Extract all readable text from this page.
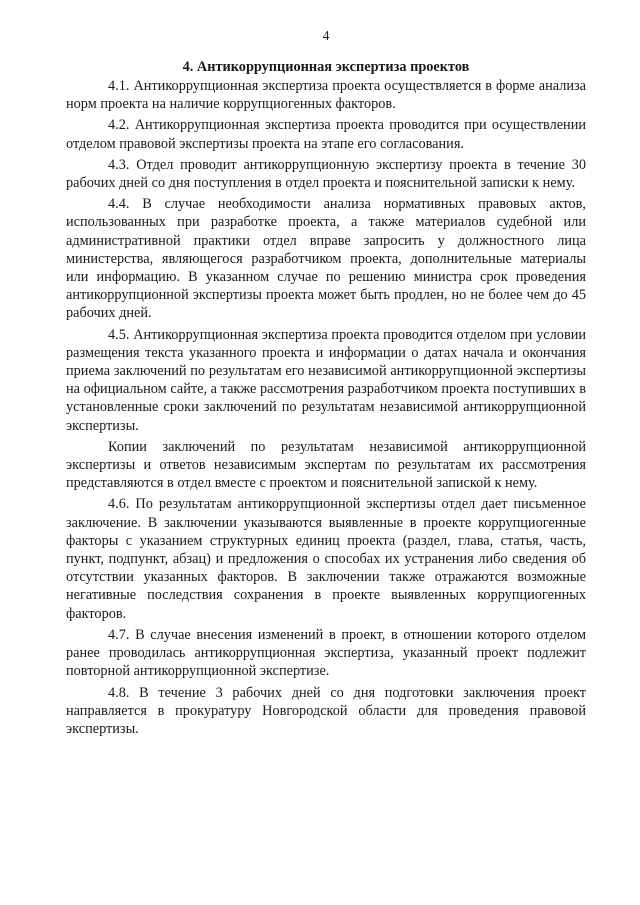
4
4. Антикоррупционная экспертиза проектов

4.1. Антикоррупционная экспертиза проекта осуществляется в форме анализа норм проекта на наличие коррупциогенных факторов.

4.2. Антикоррупционная экспертиза проекта проводится при осуществлении отделом правовой экспертизы проекта на этапе его согласования.

4.3. Отдел проводит антикоррупционную экспертизу проекта в течение 30 рабочих дней со дня поступления в отдел проекта и пояснительной записки к нему.

4.4. В случае необходимости анализа нормативных правовых актов, использованных при разработке проекта, а также материалов судебной или административной практики отдел вправе запросить у должностного лица министерства, являющегося разработчиком проекта, дополнительные материалы или информацию. В указанном случае по решению министра срок проведения антикоррупционной экспертизы проекта может быть продлен, но не более чем до 45 рабочих дней.

4.5. Антикоррупционная экспертиза проекта проводится отделом при условии размещения текста указанного проекта и информации о датах начала и окончания приема заключений по результатам его независимой антикоррупционной экспертизы на официальном сайте, а также рассмотрения разработчиком проекта поступивших в установленные сроки заключений по результатам независимой антикоррупционной экспертизы.

Копии заключений по результатам независимой антикоррупционной экспертизы и ответов независимым экспертам по результатам их рассмотрения представляются в отдел вместе с проектом и пояснительной запиской к нему.

4.6. По результатам антикоррупционной экспертизы отдел дает письменное заключение. В заключении указываются выявленные в проекте коррупциогенные факторы с указанием структурных единиц проекта (раздел, глава, статья, часть, пункт, подпункт, абзац) и предложения о способах их устранения либо сведения об отсутствии указанных факторов. В заключении также отражаются возможные негативные последствия сохранения в проекте выявленных коррупциогенных факторов.

4.7. В случае внесения изменений в проект, в отношении которого отделом ранее проводилась антикоррупционная экспертиза, указанный проект подлежит повторной антикоррупционной экспертизе.

4.8. В течение 3 рабочих дней со дня подготовки заключения проект направляется в прокуратуру Новгородской области для проведения правовой экспертизы.
